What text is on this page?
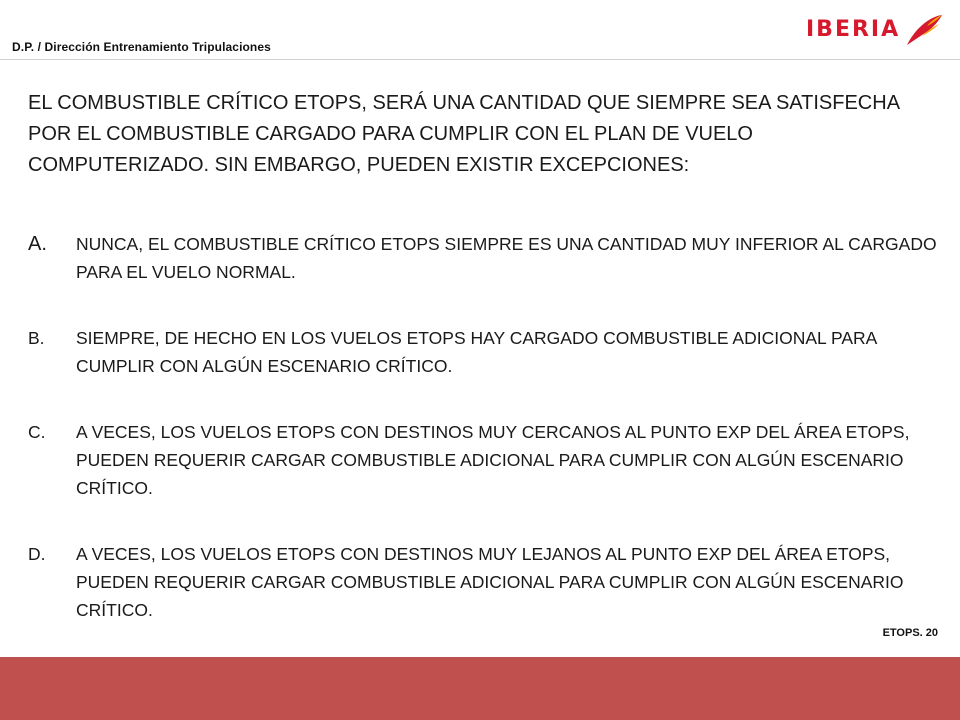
D.P. / Dirección Entrenamiento Tripulaciones
IBERIA
EL COMBUSTIBLE CRÍTICO ETOPS, SERÁ UNA CANTIDAD QUE SIEMPRE SEA SATISFECHA POR EL COMBUSTIBLE CARGADO PARA CUMPLIR CON EL PLAN DE VUELO COMPUTERIZADO. SIN EMBARGO, PUEDEN EXISTIR EXCEPCIONES:
A. NUNCA, EL COMBUSTIBLE CRÍTICO ETOPS SIEMPRE ES UNA CANTIDAD MUY INFERIOR AL CARGADO PARA EL VUELO NORMAL.
B. SIEMPRE, DE HECHO EN LOS VUELOS ETOPS HAY CARGADO COMBUSTIBLE ADICIONAL PARA CUMPLIR CON ALGÚN ESCENARIO CRÍTICO.
C. A VECES, LOS VUELOS ETOPS CON DESTINOS MUY CERCANOS AL PUNTO EXP DEL ÁREA ETOPS, PUEDEN REQUERIR CARGAR COMBUSTIBLE ADICIONAL PARA CUMPLIR CON ALGÚN ESCENARIO CRÍTICO.
D. A VECES, LOS VUELOS ETOPS CON DESTINOS MUY LEJANOS AL PUNTO EXP DEL ÁREA ETOPS, PUEDEN REQUERIR CARGAR COMBUSTIBLE ADICIONAL PARA CUMPLIR CON ALGÚN ESCENARIO CRÍTICO.
ETOPS. 20
